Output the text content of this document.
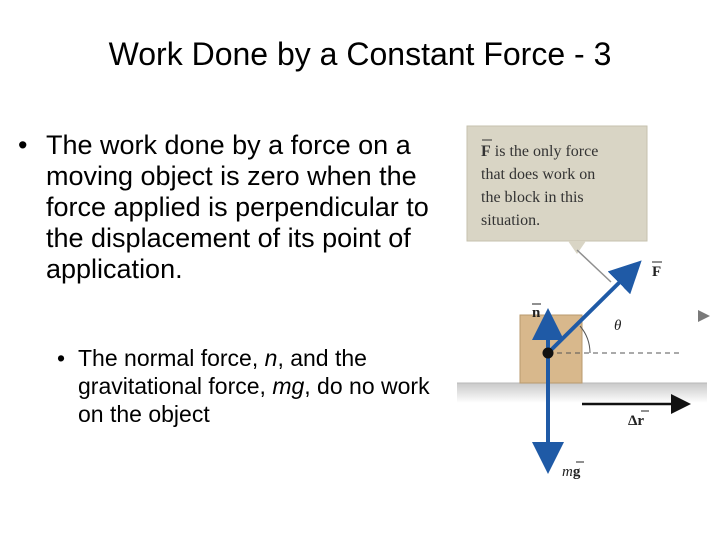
Work Done by a Constant Force - 3
• The work done by a force on a moving object is zero when the force applied is perpendicular to the displacement of its point of application.
• The normal force, n, and the gravitational force, mg, do no work on the object
F is the only force
that does work on
the block in this
situation.
F
n
θ
Δr
mg
